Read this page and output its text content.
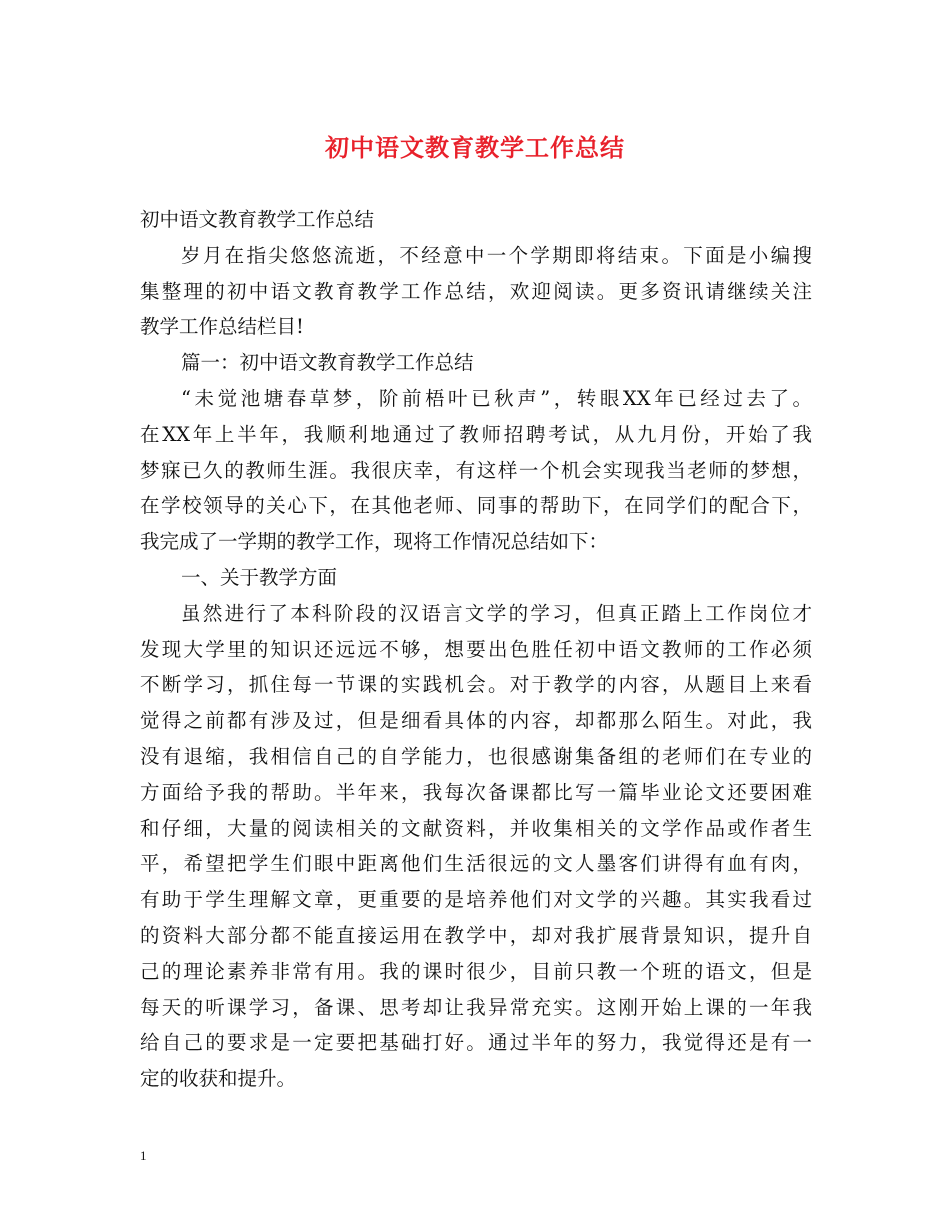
初中语文教育教学工作总结

初中语文教育教学工作总结

岁月在指尖悠悠流逝，不经意中一个学期即将结束。下面是小编搜

集整理的初中语文教育教学工作总结，欢迎阅读。更多资讯请继续关注

教学工作总结栏目!

篇一：初中语文教育教学工作总结

“未觉池塘春草梦，阶前梧叶已秋声”，转眼XX年已经过去了。

在XX年上半年，我顺利地通过了教师招聘考试，从九月份，开始了我

梦寐已久的教师生涯。我很庆幸，有这样一个机会实现我当老师的梦想，

在学校领导的关心下，在其他老师、同事的帮助下，在同学们的配合下，

我完成了一学期的教学工作，现将工作情况总结如下：

一、关于教学方面

虽然进行了本科阶段的汉语言文学的学习，但真正踏上工作岗位才

发现大学里的知识还远远不够，想要出色胜任初中语文教师的工作必须

不断学习，抓住每一节课的实践机会。对于教学的内容，从题目上来看

觉得之前都有涉及过，但是细看具体的内容，却都那么陌生。对此，我

没有退缩，我相信自己的自学能力，也很感谢集备组的老师们在专业的

方面给予我的帮助。半年来，我每次备课都比写一篇毕业论文还要困难

和仔细，大量的阅读相关的文献资料，并收集相关的文学作品或作者生

平，希望把学生们眼中距离他们生活很远的文人墨客们讲得有血有肉，

有助于学生理解文章，更重要的是培养他们对文学的兴趣。其实我看过

的资料大部分都不能直接运用在教学中，却对我扩展背景知识，提升自

己的理论素养非常有用。我的课时很少，目前只教一个班的语文，但是

每天的听课学习，备课、思考却让我异常充实。这刚开始上课的一年我

给自己的要求是一定要把基础打好。通过半年的努力，我觉得还是有一

定的收获和提升。

1
